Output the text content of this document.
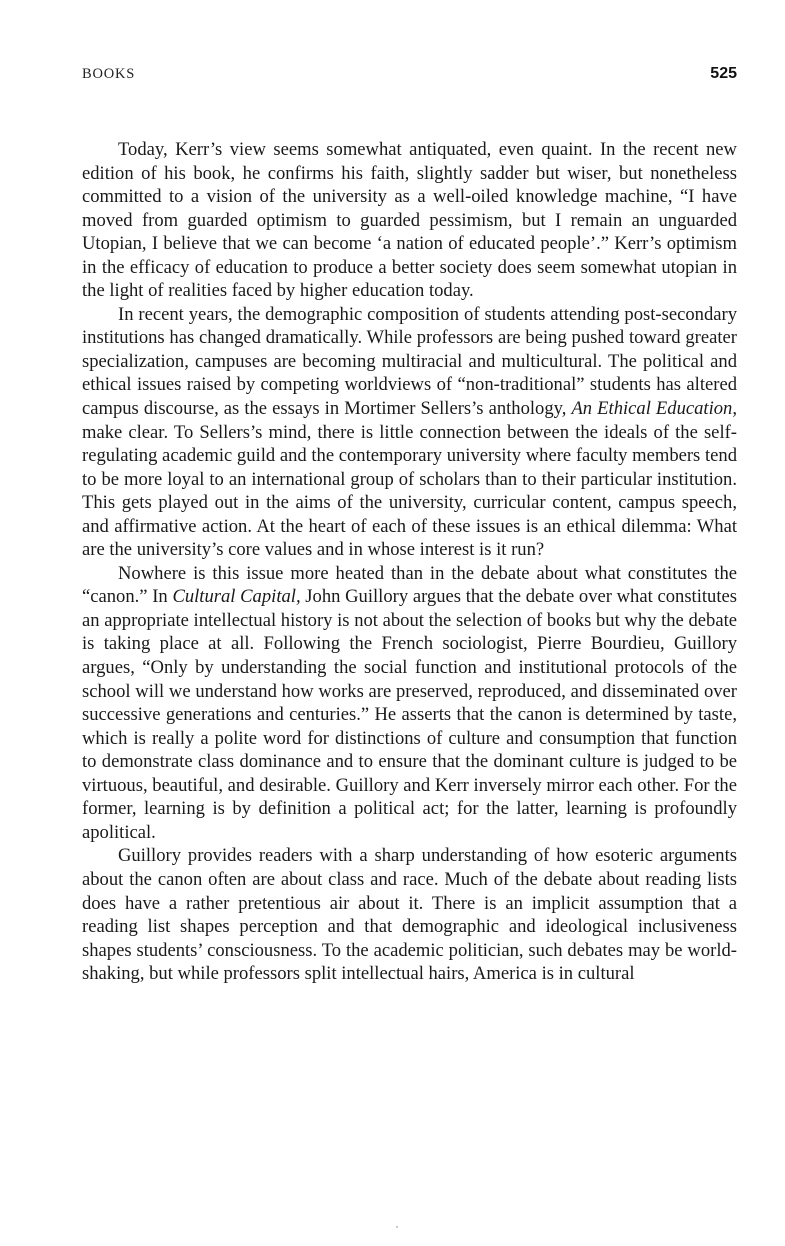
BOOKS	525

Today, Kerr’s view seems somewhat antiquated, even quaint. In the recent new edition of his book, he confirms his faith, slightly sadder but wiser, but nonetheless committed to a vision of the university as a well-oiled knowledge machine, “I have moved from guarded optimism to guarded pessimism, but I remain an unguarded Utopian, I believe that we can become ‘a nation of educated people’.” Kerr’s optimism in the efficacy of education to produce a better society does seem somewhat utopian in the light of realities faced by higher education today.

In recent years, the demographic composition of students attending post-secondary institutions has changed dramatically. While professors are being pushed toward greater specialization, campuses are becoming multiracial and multicultural. The political and ethical issues raised by competing worldviews of “non-traditional” students has altered campus discourse, as the essays in Mortimer Sellers’s anthology, An Ethical Education, make clear. To Sellers’s mind, there is little connection between the ideals of the self-regulating academic guild and the contemporary university where faculty members tend to be more loyal to an international group of scholars than to their particular institution. This gets played out in the aims of the university, curricular content, campus speech, and affirmative action. At the heart of each of these issues is an ethical dilemma: What are the university’s core values and in whose interest is it run?

Nowhere is this issue more heated than in the debate about what constitutes the “canon.” In Cultural Capital, John Guillory argues that the debate over what constitutes an appropriate intellectual history is not about the selection of books but why the debate is taking place at all. Following the French sociologist, Pierre Bourdieu, Guillory argues, “Only by understanding the social function and institutional protocols of the school will we understand how works are preserved, reproduced, and disseminated over successive generations and centuries.” He asserts that the canon is determined by taste, which is really a polite word for distinctions of culture and consumption that function to demonstrate class dominance and to ensure that the dominant culture is judged to be virtuous, beautiful, and desirable. Guillory and Kerr inversely mirror each other. For the former, learning is by definition a political act; for the latter, learning is profoundly apolitical.

Guillory provides readers with a sharp understanding of how esoteric arguments about the canon often are about class and race. Much of the debate about reading lists does have a rather pretentious air about it. There is an implicit assumption that a reading list shapes perception and that demographic and ideological inclusiveness shapes students’ consciousness. To the academic politician, such debates may be world-shaking, but while professors split intellectual hairs, America is in cultural
